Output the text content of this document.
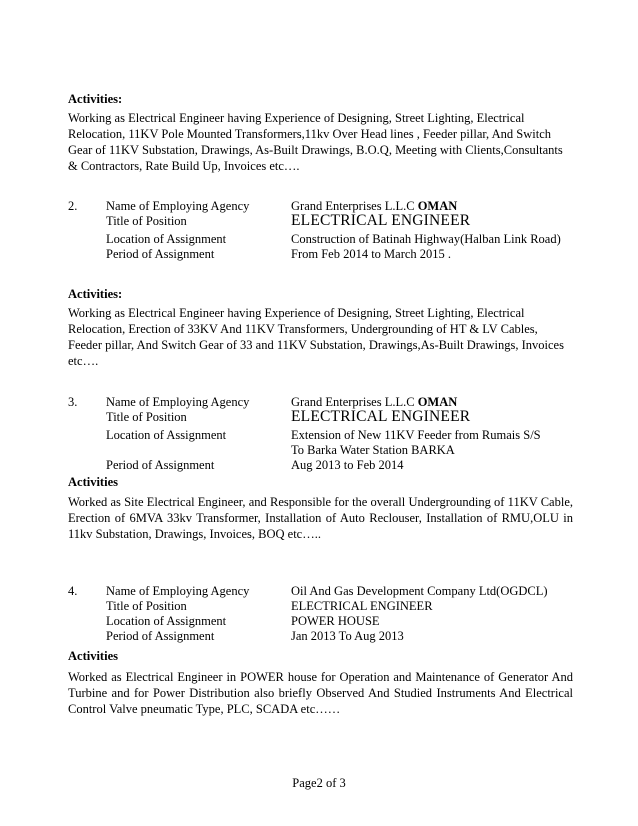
Activities:
Working as Electrical Engineer having Experience of Designing, Street Lighting, Electrical
Relocation, 11KV Pole Mounted Transformers,11kv Over Head lines , Feeder pillar, And Switch
Gear of 11KV Substation, Drawings, As-Built Drawings, B.O.Q, Meeting with Clients,Consultants
& Contractors, Rate Build Up, Invoices etc….
2. Name of Employing Agency	Grand Enterprises L.L.C OMAN
Title of Position	ELECTRICAL ENGINEER
Location of Assignment	Construction of Batinah Highway(Halban Link Road)
Period of Assignment	From Feb 2014 to March 2015 .
Activities:
Working as Electrical Engineer having Experience of Designing, Street Lighting, Electrical
Relocation, Erection of 33KV And 11KV Transformers, Undergrounding of HT & LV Cables,
Feeder pillar, And Switch Gear of 33 and 11KV Substation, Drawings,As-Built Drawings, Invoices
etc….
3. Name of Employing Agency	Grand Enterprises L.L.C OMAN
Title of Position	ELECTRICAL ENGINEER
Location of Assignment	Extension of New 11KV Feeder from Rumais S/S
To Barka Water Station BARKA
Period of Assignment	Aug 2013 to Feb 2014
Activities
Worked as Site Electrical Engineer, and Responsible for the overall Undergrounding of 11KV Cable, Erection of 6MVA 33kv Transformer, Installation of Auto Reclouser, Installation of RMU,OLU in 11kv Substation, Drawings, Invoices, BOQ etc…..
4. Name of Employing Agency	Oil And Gas Development Company Ltd(OGDCL)
Title of Position	ELECTRICAL ENGINEER
Location of Assignment	POWER HOUSE
Period of Assignment	Jan 2013 To Aug 2013
Activities
Worked as Electrical Engineer in POWER house for Operation and Maintenance of Generator And Turbine and for Power Distribution also briefly Observed And Studied Instruments And Electrical Control Valve pneumatic Type, PLC, SCADA etc……
Page2 of 3
